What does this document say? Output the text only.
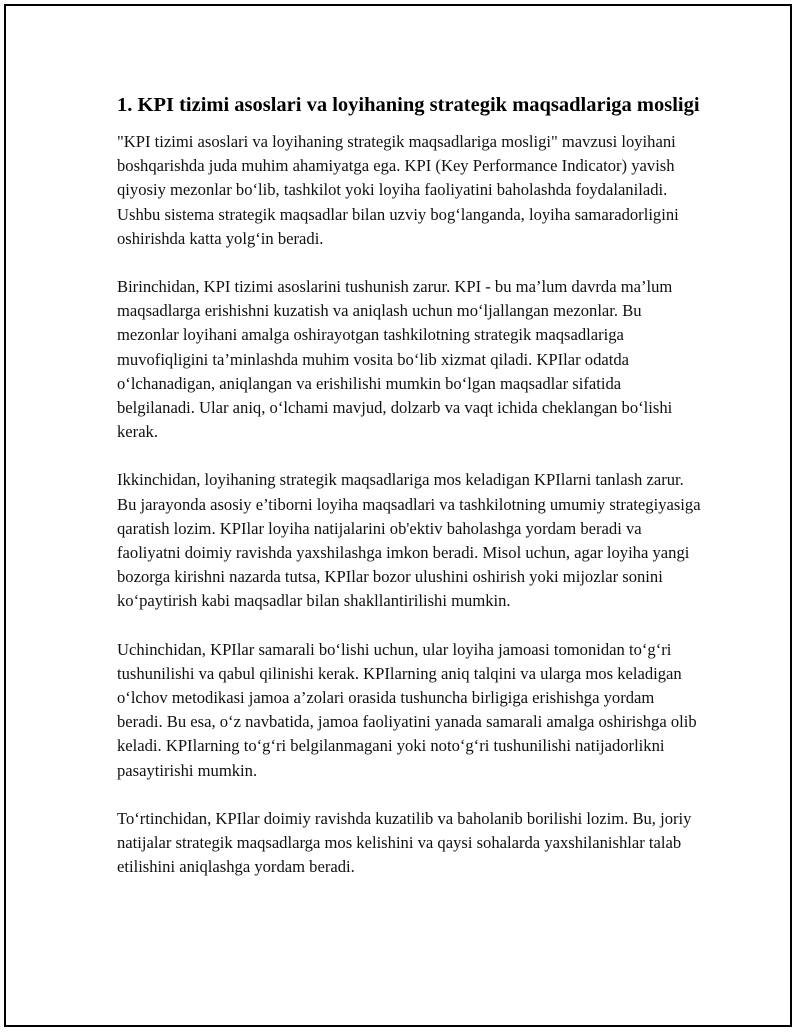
1. KPI tizimi asoslari va loyihaning strategik maqsadlariga mosligi

"KPI tizimi asoslari va loyihaning strategik maqsadlariga mosligi" mavzusi loyihani boshqarishda juda muhim ahamiyatga ega. KPI (Key Performance Indicator) yavish qiyosiy mezonlar bo‘lib, tashkilot yoki loyiha faoliyatini baholashda foydalaniladi. Ushbu sistema strategik maqsadlar bilan uzviy bog‘langanda, loyiha samaradorligini oshirishda katta yolg‘in beradi.

Birinchidan, KPI tizimi asoslarini tushunish zarur. KPI - bu ma’lum davrda ma’lum maqsadlarga erishishni kuzatish va aniqlash uchun mo‘ljallangan mezonlar. Bu mezonlar loyihani amalga oshirayotgan tashkilotning strategik maqsadlariga muvofiqligini ta’minlashda muhim vosita bo‘lib xizmat qiladi. KPIlar odatda o‘lchanadigan, aniqlangan va erishilishi mumkin bo‘lgan maqsadlar sifatida belgilanadi. Ular aniq, o‘lchami mavjud, dolzarb va vaqt ichida cheklangan bo‘lishi kerak.

Ikkinchidan, loyihaning strategik maqsadlariga mos keladigan KPIlarni tanlash zarur. Bu jarayonda asosiy e’tiborni loyiha maqsadlari va tashkilotning umumiy strategiyasiga qaratish lozim. KPIlar loyiha natijalarini ob'ektiv baholashga yordam beradi va faoliyatni doimiy ravishda yaxshilashga imkon beradi. Misol uchun, agar loyiha yangi bozorga kirishni nazarda tutsa, KPIlar bozor ulushini oshirish yoki mijozlar sonini ko‘paytirish kabi maqsadlar bilan shakllantirilishi mumkin.

Uchinchidan, KPIlar samarali bo‘lishi uchun, ular loyiha jamoasi tomonidan to‘g‘ri tushunilishi va qabul qilinishi kerak. KPIlarning aniq talqini va ularga mos keladigan o‘lchov metodikasi jamoa a’zolari orasida tushuncha birligiga erishishga yordam beradi. Bu esa, o‘z navbatida, jamoa faoliyatini yanada samarali amalga oshirishga olib keladi. KPIlarning to‘g‘ri belgilanmagani yoki noto‘g‘ri tushunilishi natijadorlikni pasaytirishi mumkin.

To‘rtinchidan, KPIlar doimiy ravishda kuzatilib va baholanib borilishi lozim. Bu, joriy natijalar strategik maqsadlarga mos kelishini va qaysi sohalarda yaxshilanishlar talab etilishini aniqlashga yordam beradi.
